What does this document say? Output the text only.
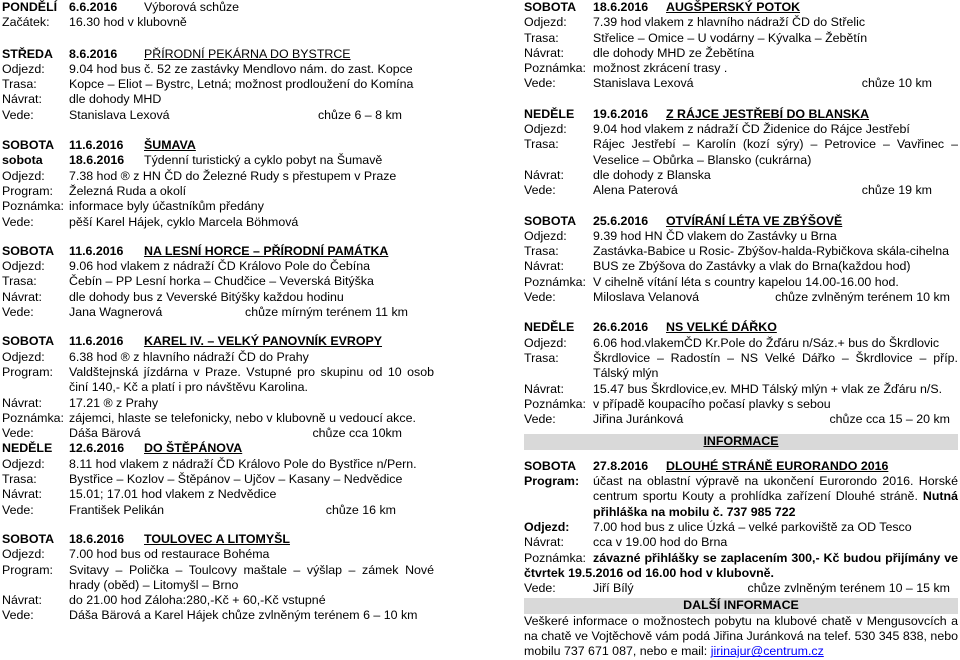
PONDĚLÍ 6.6.2016	Výborová schůze
Začátek:	16.30 hod v klubovně
STŘEDA	8.6.2016	PŘÍRODNÍ PEKÁRNA DO BYSTRCE
Odjezd:	9.04 hod bus č. 52 ze zastávky Mendlovo nám. do zast. Kopce
Trasa:	Kopce – Eliot – Bystrc, Letná; možnost prodloužení do Komína
Návrat:	dle dohody MHD
Vede:	Stanislava Lexová	chůze 6 – 8 km
SOBOTA	11.6.2016	ŠUMAVA
sobota	18.6.2016	Týdenní turistický a cyklo pobyt na Šumavě
Odjezd:	7.38 hod ® z HN ČD do Železné Rudy s přestupem v Praze
Program:	Železná Ruda a okolí
Poznámka: informace byly účastníkům předány
Vede:	pěší Karel Hájek, cyklo Marcela Böhmová
SOBOTA	11.6.2016	NA LESNÍ HORCE – PŘÍRODNÍ PAMÁTKA
Odjezd:	9.06 hod vlakem z nádraží ČD Královo Pole do Čebína
Trasa:	Čebín – PP Lesní horka – Chudčice – Veverská Bitýška
Návrat:	dle dohody bus z Veverské Bitýšky každou hodinu
Vede:	Jana Wagnerová	chůze mírným terénem 11 km
SOBOTA	11.6.2016	KAREL IV. – VELKÝ PANOVNÍK EVROPY
Odjezd:	6.38 hod ® z hlavního nádraží ČD do Prahy
Program:	Valdštejnská jízdárna v Praze. Vstupné pro skupinu od 10 osob činí 140,- Kč a platí i pro návštěvu Karolina.
Návrat:	17.21 ® z Prahy
Poznámka: zájemci, hlaste se telefonicky, nebo v klubovně u vedoucí akce.
Vede:	Dáša Bärová	chůze cca 10km
NEDĚLE	12.6.2016	DO ŠTĚPÁNOVA
Odjezd:	8.11 hod vlakem z nádraží ČD Královo Pole do Bystřice n/Pern.
Trasa:	Bystřice – Kozlov – Štěpánov – Ujčov – Kasany – Nedvědice
Návrat:	15.01; 17.01 hod vlakem z Nedvědice
Vede:	František Pelikán	chůze 16 km
SOBOTA	18.6.2016	TOULOVEC A LITOMYŠL
Odjezd:	7.00 hod bus od restaurace Bohéma
Program:	Svitavy – Polička – Toulcovy maštale – výšlap – zámek Nové hrady (oběd) – Litomyšl – Brno
Návrat:	do 21.00 hod Záloha:280,-Kč + 60,-Kč vstupné
Vede:	Dáša Bärová a Karel Hájek chůze zvlněným terénem 6 – 10 km
SOBOTA	18.6.2016	AUGŠPERSKÝ POTOK
Odjezd:	7.39 hod vlakem z hlavního nádraží ČD do Střelic
Trasa:	Střelice – Omice – U vodárny – Kývalka – Žebětín
Návrat:	dle dohody MHD ze Žebětína
Poznámka: možnost zkrácení trasy .
Vede:	Stanislava Lexová	chůze 10 km
NEDĚLE	19.6.2016	Z RÁJCE JESTŘEBÍ DO BLANSKA
Odjezd:	9.04 hod vlakem z nádraží ČD Židenice do Rájce Jestřebí
Trasa:	Rájec Jestřebí – Karolín (kozí sýry) – Petrovice – Vavřinec – Veselice – Obůrka – Blansko (cukrárna)
Návrat:	dle dohody z Blanska
Vede:	Alena Paterová	chůze 19 km
SOBOTA	25.6.2016	OTVÍRÁNÍ LÉTA VE ZBÝŠOVĚ
Odjezd:	9.39 hod HN ČD vlakem do Zastávky u Brna
Trasa:	Zastávka-Babice u Rosic- Zbýšov-halda-Rybičkova skála-cihelna
Návrat:	BUS ze Zbýšova do Zastávky a vlak do Brna(každou hod)
Poznámka: V cihelně vítání léta s country kapelou 14.00-16.00 hod.
Vede:	Miloslava Velanová	chůze zvlněným terénem 10 km
NEDĚLE	26.6.2016	NS VELKÉ DÁŘKO
Odjezd:	6.06 hod.vlakemČD Kr.Pole do Žďáru n/Sáz.+ bus do Škrdlovic
Trasa:	Škrdlovice – Radostín – NS Velké Dářko – Škrdlovice – příp. Tálský mlýn
Návrat:	15.47 bus Škrdlovice,ev. MHD Tálský mlýn + vlak ze Žďáru n/S.
Poznámka: v případě koupacího počasí plavky s sebou
Vede:	Jiřina Juránková	chůze cca 15 – 20 km
INFORMACE
SOBOTA	27.8.2016	DLOUHÉ STRÁNĚ EURORANDO 2016
Program:	účast na oblastní výpravě na ukončení Eurorondo 2016. Horské centrum sportu Kouty a prohlídka zařízení Dlouhé stráně. Nutná přihláška na mobilu č. 737 985 722
Odjezd:	7.00 hod bus z ulice Úzká – velké parkoviště za OD Tesco
Návrat:	cca v 19.00 hod do Brna
Poznámka: závazné přihlášky se zaplacením 300,- Kč budou přijímány ve čtvrtek 19.5.2016 od 16.00 hod v klubovně.
Vede:	Jiří Bílý	chůze zvlněným terénem 10 – 15 km
DALŠÍ INFORMACE
Veškeré informace o možnostech pobytu na klubové chatě v Mengusovcích a na chatě ve Vojtěchově vám podá Jiřina Juránková na telef. 530 345 838, nebo mobilu 737 671 087, nebo e mail: jirinajur@centrum.cz
